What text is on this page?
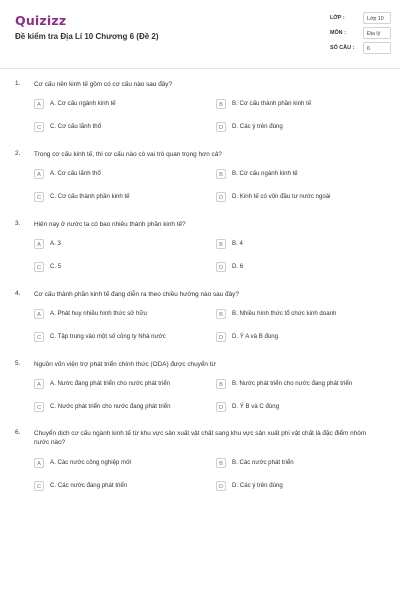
Quizizz
Đề kiểm tra Địa Lí 10 Chương 6 (Đề 2)
LỚP :	Lớp 10
MÔN :	Địa lý
SỐ CÂU :	6
1. Cơ cấu nền kinh tế gồm có cơ cấu nào sau đây?
A	A. Cơ cấu ngành kinh tế	B	B. Cơ cấu thành phần kinh tế
C	C. Cơ cấu lãnh thổ	D	D. Các ý trên đúng
2. Trong cơ cấu kinh tế, thì cơ cấu nào có vai trò quan trọng hơn cả?
A	A. Cơ cấu lãnh thổ	B	B. Cơ cấu ngành kinh tế
C	C. Cơ cấu thành phần kinh tế	D	D. Kinh tế có vốn đầu tư nước ngoài
3. Hiện nay ở nước ta có bao nhiêu thành phần kinh tế?
A	A. 3	B	B. 4
C	C. 5	D	D. 6
4. Cơ cấu thành phần kinh tế đang diễn ra theo chiều hướng nào sau đây?
A	A. Phát huy nhiều hình thức sở hữu	B	B. Nhiều hình thức tổ chức kinh doanh
C	C. Tập trung vào một số công ty Nhà nước	D	D. Ý A và B đúng
5. Nguồn vốn viện trợ phát triển chính thức (ODA) được chuyển từ
A	A. Nước đang phát triển cho nước phát triển	B	B. Nước phát triển cho nước đang phát triển
C	C. Nước phát triển cho nước đang phát triển	D	D. Ý B và C đúng
6. Chuyển dịch cơ cấu ngành kinh tế từ khu vực sản xuất vật chất sang khu vực sản xuất phi vật chất là đặc điểm nhóm nước nào?
A	A. Các nước công nghiệp mới	B	B. Các nước phát triển
C	C. Các nước đang phát triển	D	D. Các ý trên đúng
